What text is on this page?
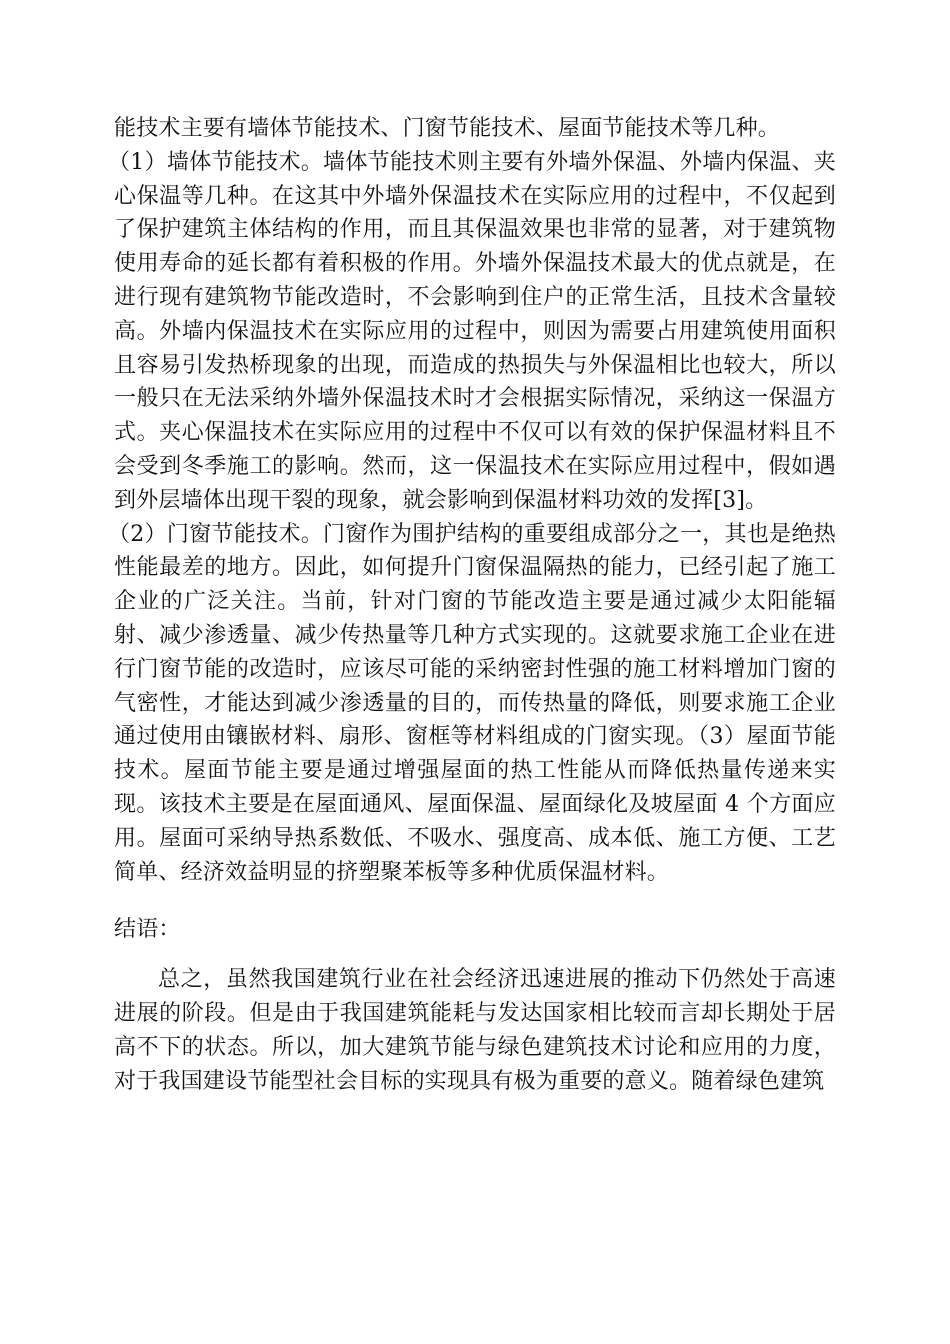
能技术主要有墙体节能技术、门窗节能技术、屋面节能技术等几种。

（1）墙体节能技术。墙体节能技术则主要有外墙外保温、外墙内保温、夹心保温等几种。在这其中外墙外保温技术在实际应用的过程中，不仅起到了保护建筑主体结构的作用，而且其保温效果也非常的显著，对于建筑物使用寿命的延长都有着积极的作用。外墙外保温技术最大的优点就是，在进行现有建筑物节能改造时，不会影响到住户的正常生活，且技术含量较高。外墙内保温技术在实际应用的过程中，则因为需要占用建筑使用面积且容易引发热桥现象的出现，而造成的热损失与外保温相比也较大，所以一般只在无法采纳外墙外保温技术时才会根据实际情况，采纳这一保温方式。夹心保温技术在实际应用的过程中不仅可以有效的保护保温材料且不会受到冬季施工的影响。然而，这一保温技术在实际应用过程中，假如遇到外层墙体出现干裂的现象，就会影响到保温材料功效的发挥[3]。

（2）门窗节能技术。门窗作为围护结构的重要组成部分之一，其也是绝热性能最差的地方。因此，如何提升门窗保温隔热的能力，已经引起了施工企业的广泛关注。当前，针对门窗的节能改造主要是通过减少太阳能辐射、减少渗透量、减少传热量等几种方式实现的。这就要求施工企业在进行门窗节能的改造时，应该尽可能的采纳密封性强的施工材料增加门窗的气密性，才能达到减少渗透量的目的，而传热量的降低，则要求施工企业通过使用由镶嵌材料、扇形、窗框等材料组成的门窗实现。（3）屋面节能技术。屋面节能主要是通过增强屋面的热工性能从而降低热量传递来实现。该技术主要是在屋面通风、屋面保温、屋面绿化及坡屋面 4 个方面应用。屋面可采纳导热系数低、不吸水、强度高、成本低、施工方便、工艺简单、经济效益明显的挤塑聚苯板等多种优质保温材料。

结语：

总之，虽然我国建筑行业在社会经济迅速进展的推动下仍然处于高速进展的阶段。但是由于我国建筑能耗与发达国家相比较而言却长期处于居高不下的状态。所以，加大建筑节能与绿色建筑技术讨论和应用的力度，对于我国建设节能型社会目标的实现具有极为重要的意义。随着绿色建筑
